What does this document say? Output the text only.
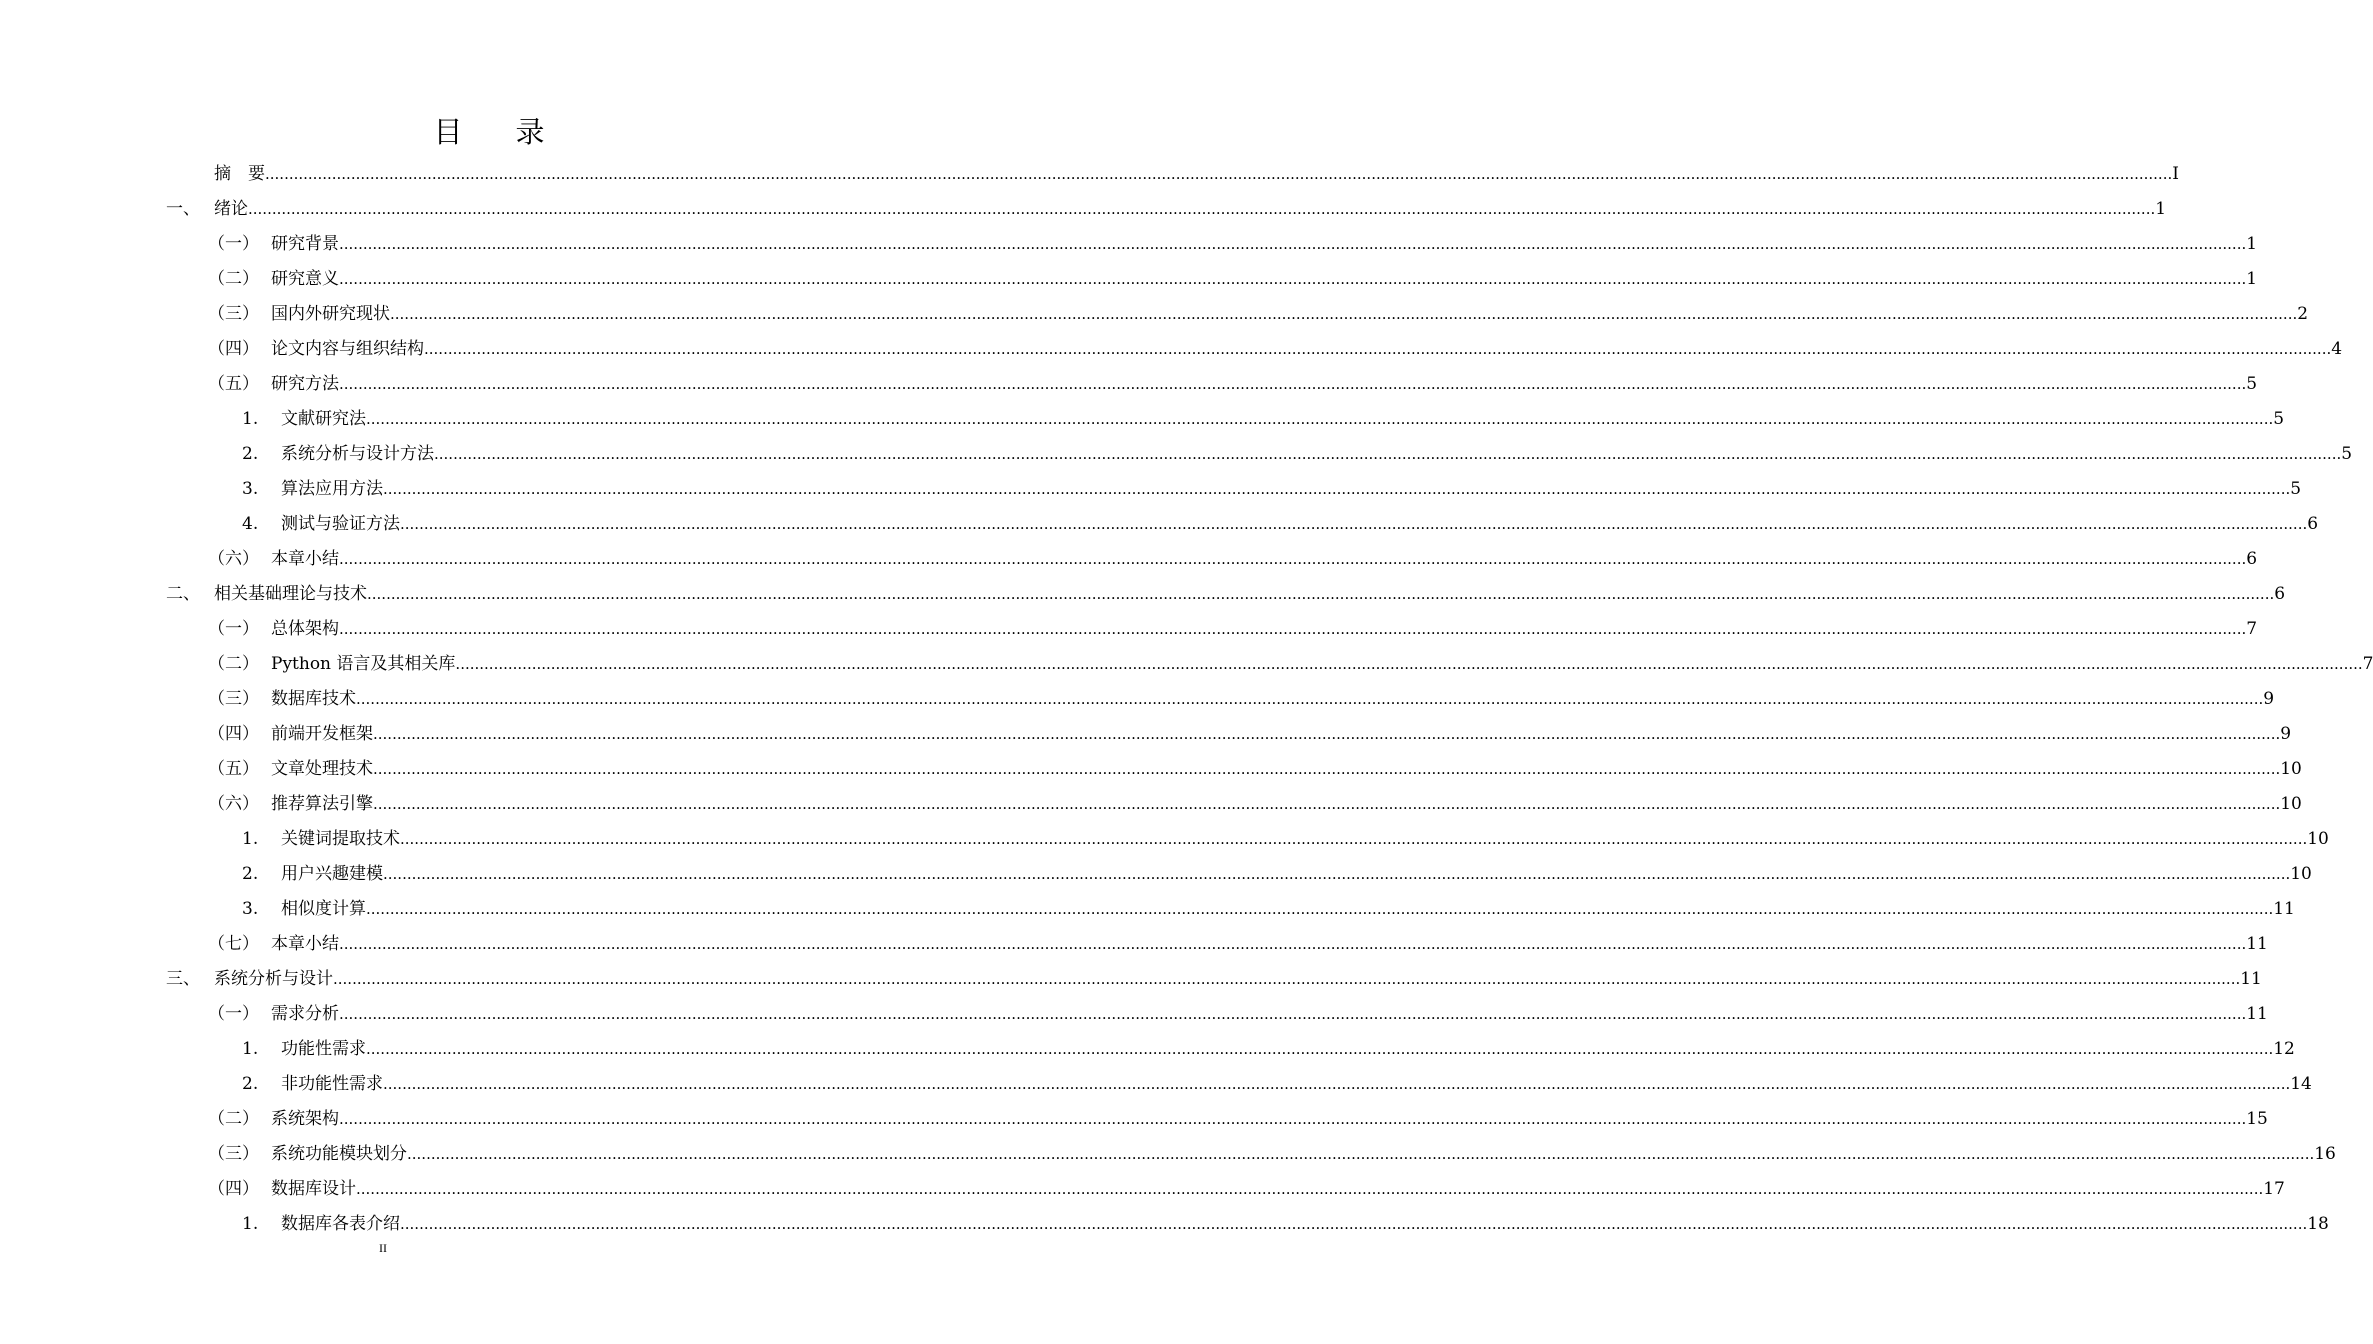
目　录
摘　要 ................................................................................................................................................................................................................................................................................................................................................................................................................ I
一、 绪论 ................................................................................................................................................................................................................................................................................................................................................................................................................ 1
（一） 研究背景 ................................................................................................................................................................................................................................................................................................................................................................................................................ 1
（二） 研究意义 ................................................................................................................................................................................................................................................................................................................................................................................................................ 1
（三） 国内外研究现状 ................................................................................................................................................................................................................................................................................................................................................................................................................ 2
（四） 论文内容与组织结构 ................................................................................................................................................................................................................................................................................................................................................................................................................ 4
（五） 研究方法 ................................................................................................................................................................................................................................................................................................................................................................................................................ 5
1. 文献研究法 ................................................................................................................................................................................................................................................................................................................................................................................................................ 5
2. 系统分析与设计方法 ................................................................................................................................................................................................................................................................................................................................................................................................................ 5
3. 算法应用方法 ................................................................................................................................................................................................................................................................................................................................................................................................................ 5
4. 测试与验证方法 ................................................................................................................................................................................................................................................................................................................................................................................................................ 6
（六） 本章小结 ................................................................................................................................................................................................................................................................................................................................................................................................................ 6
二、 相关基础理论与技术 ................................................................................................................................................................................................................................................................................................................................................................................................................ 6
（一） 总体架构 ................................................................................................................................................................................................................................................................................................................................................................................................................ 7
（二） Python 语言及其相关库 ................................................................................................................................................................................................................................................................................................................................................................................................................ 7
（三） 数据库技术 ................................................................................................................................................................................................................................................................................................................................................................................................................ 9
（四） 前端开发框架 ................................................................................................................................................................................................................................................................................................................................................................................................................ 9
（五） 文章处理技术 ................................................................................................................................................................................................................................................................................................................................................................................................................ 10
（六） 推荐算法引擎 ................................................................................................................................................................................................................................................................................................................................................................................................................ 10
1. 关键词提取技术 ................................................................................................................................................................................................................................................................................................................................................................................................................ 10
2. 用户兴趣建模 ................................................................................................................................................................................................................................................................................................................................................................................................................ 10
3. 相似度计算 ................................................................................................................................................................................................................................................................................................................................................................................................................ 11
（七） 本章小结 ................................................................................................................................................................................................................................................................................................................................................................................................................ 11
三、 系统分析与设计 ................................................................................................................................................................................................................................................................................................................................................................................................................ 11
（一） 需求分析 ................................................................................................................................................................................................................................................................................................................................................................................................................ 11
1. 功能性需求 ................................................................................................................................................................................................................................................................................................................................................................................................................ 12
2. 非功能性需求 ................................................................................................................................................................................................................................................................................................................................................................................................................ 14
（二） 系统架构 ................................................................................................................................................................................................................................................................................................................................................................................................................ 15
（三） 系统功能模块划分 ................................................................................................................................................................................................................................................................................................................................................................................................................ 16
（四） 数据库设计 ................................................................................................................................................................................................................................................................................................................................................................................................................ 17
1. 数据库各表介绍 ................................................................................................................................................................................................................................................................................................................................................................................................................ 18
II
